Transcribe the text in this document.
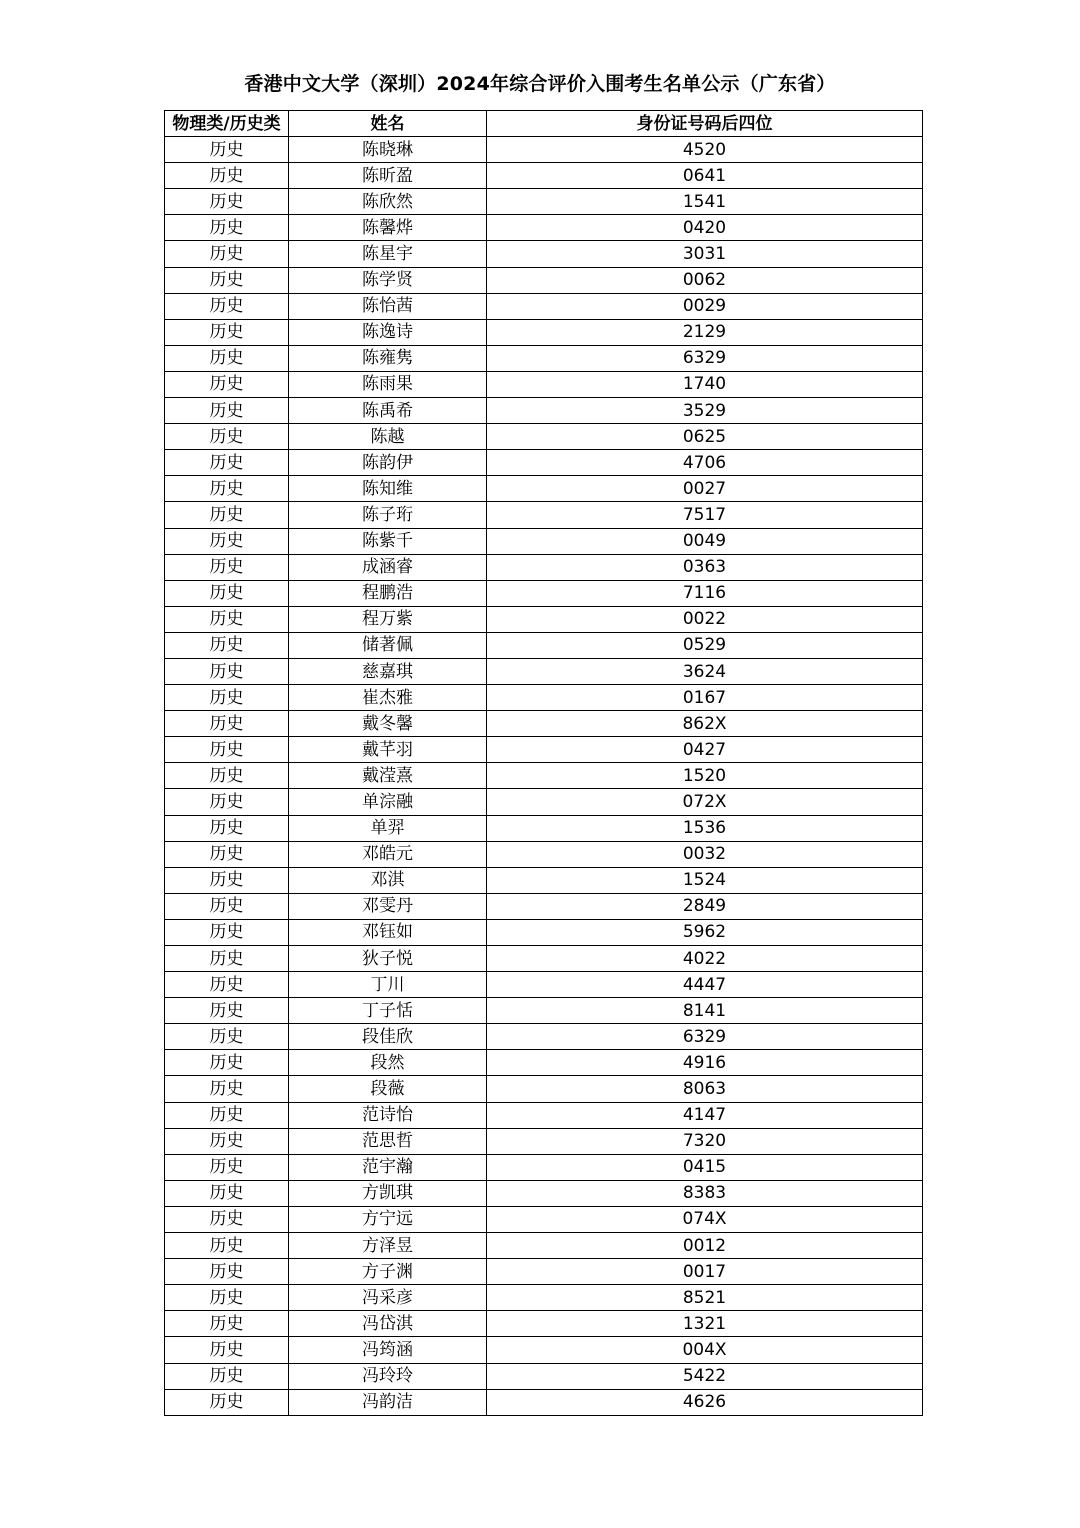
香港中文大学（深圳）2024年综合评价入围考生名单公示（广东省）
物理类/历史类	姓名	身份证号码后四位
历史	陈晓琳	4520
历史	陈昕盈	0641
历史	陈欣然	1541
历史	陈馨烨	0420
历史	陈星宇	3031
历史	陈学贤	0062
历史	陈怡茜	0029
历史	陈逸诗	2129
历史	陈雍隽	6329
历史	陈雨果	1740
历史	陈禹希	3529
历史	陈越	0625
历史	陈韵伊	4706
历史	陈知维	0027
历史	陈子珩	7517
历史	陈紫千	0049
历史	成涵睿	0363
历史	程鹏浩	7116
历史	程万紫	0022
历史	储著佩	0529
历史	慈嘉琪	3624
历史	崔杰雅	0167
历史	戴冬馨	862X
历史	戴芊羽	0427
历史	戴滢熹	1520
历史	单淙融	072X
历史	单羿	1536
历史	邓皓元	0032
历史	邓淇	1524
历史	邓雯丹	2849
历史	邓钰如	5962
历史	狄子悦	4022
历史	丁川	4447
历史	丁子恬	8141
历史	段佳欣	6329
历史	段然	4916
历史	段薇	8063
历史	范诗怡	4147
历史	范思哲	7320
历史	范宇瀚	0415
历史	方凯琪	8383
历史	方宁远	074X
历史	方泽昱	0012
历史	方子渊	0017
历史	冯采彦	8521
历史	冯岱淇	1321
历史	冯筠涵	004X
历史	冯玲玲	5422
历史	冯韵洁	4626
